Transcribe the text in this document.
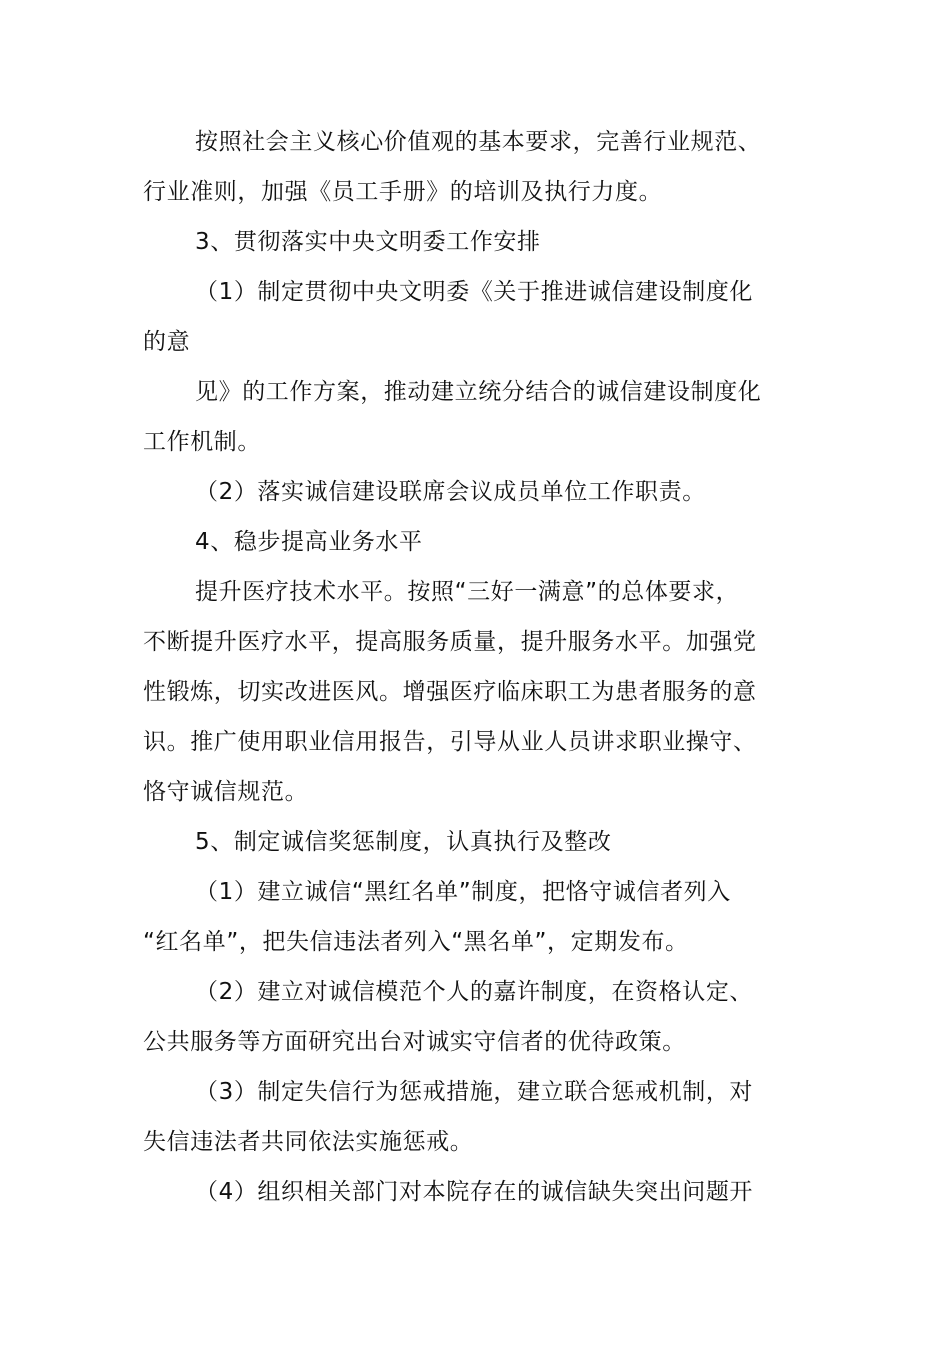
按照社会主义核心价值观的基本要求，完善行业规范、
行业准则，加强《员工手册》的培训及执行力度。
3、贯彻落实中央文明委工作安排
（1）制定贯彻中央文明委《关于推进诚信建设制度化
的意
见》的工作方案，推动建立统分结合的诚信建设制度化
工作机制。
（2）落实诚信建设联席会议成员单位工作职责。
4、稳步提高业务水平
提升医疗技术水平。按照“三好一满意”的总体要求，
不断提升医疗水平，提高服务质量，提升服务水平。加强党
性锻炼，切实改进医风。增强医疗临床职工为患者服务的意
识。推广使用职业信用报告，引导从业人员讲求职业操守、
恪守诚信规范。
5、制定诚信奖惩制度，认真执行及整改
（1）建立诚信“黑红名单”制度，把恪守诚信者列入
“红名单”，把失信违法者列入“黑名单”，定期发布。
（2）建立对诚信模范个人的嘉许制度，在资格认定、
公共服务等方面研究出台对诚实守信者的优待政策。
（3）制定失信行为惩戒措施，建立联合惩戒机制，对
失信违法者共同依法实施惩戒。
（4）组织相关部门对本院存在的诚信缺失突出问题开
